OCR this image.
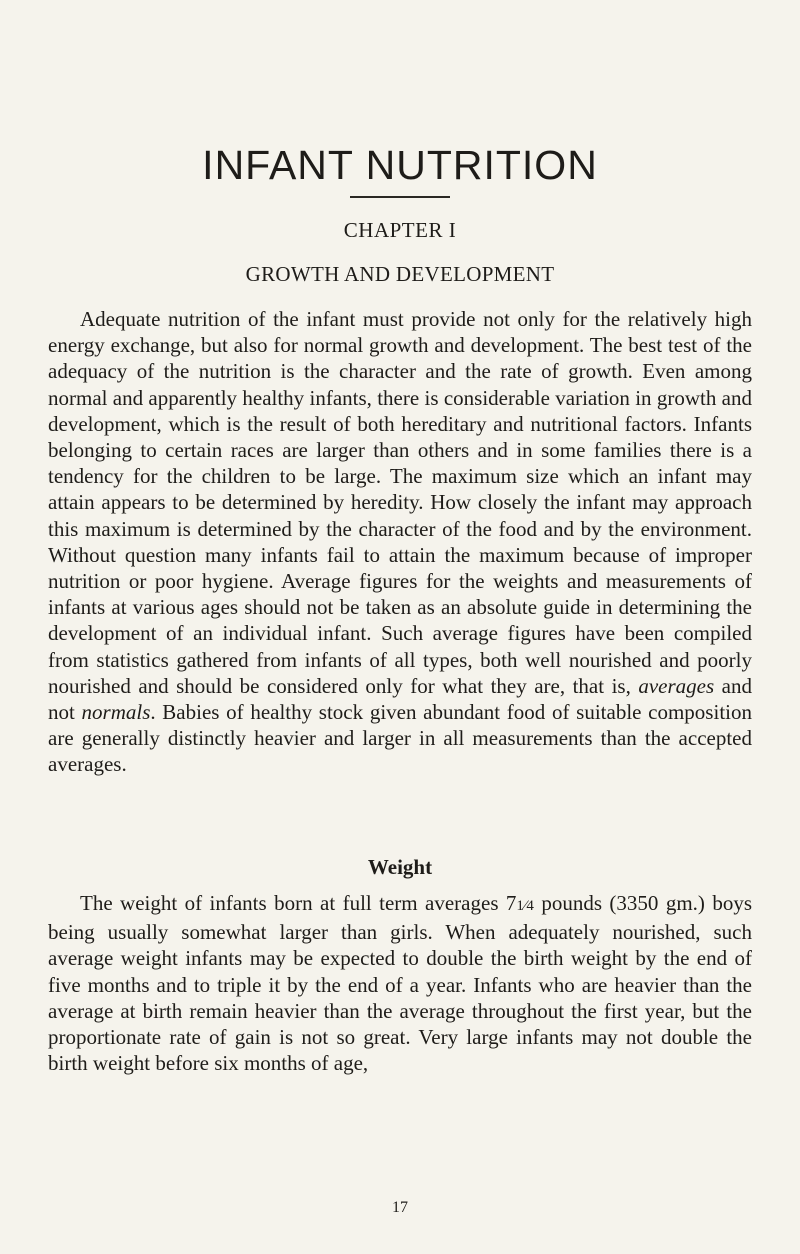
INFANT NUTRITION

CHAPTER I

GROWTH AND DEVELOPMENT

Adequate nutrition of the infant must provide not only for the relatively high energy exchange, but also for normal growth and development. The best test of the adequacy of the nutrition is the character and the rate of growth. Even among normal and apparently healthy infants, there is considerable variation in growth and development, which is the result of both hereditary and nutritional factors. Infants belonging to certain races are larger than others and in some families there is a tendency for the children to be large. The maximum size which an infant may attain appears to be determined by heredity. How closely the infant may approach this maximum is determined by the character of the food and by the environment. Without question many infants fail to attain the maximum because of improper nutrition or poor hygiene. Average figures for the weights and measurements of infants at various ages should not be taken as an absolute guide in determining the development of an individual infant. Such average figures have been compiled from statistics gathered from infants of all types, both well nourished and poorly nourished and should be considered only for what they are, that is, averages and not normals. Babies of healthy stock given abundant food of suitable composition are generally distinctly heavier and larger in all measurements than the accepted averages.

Weight

The weight of infants born at full term averages 71⁄4 pounds (3350 gm.) boys being usually somewhat larger than girls. When adequately nourished, such average weight infants may be expected to double the birth weight by the end of five months and to triple it by the end of a year. Infants who are heavier than the average at birth remain heavier than the average throughout the first year, but the proportionate rate of gain is not so great. Very large infants may not double the birth weight before six months of age,

17
